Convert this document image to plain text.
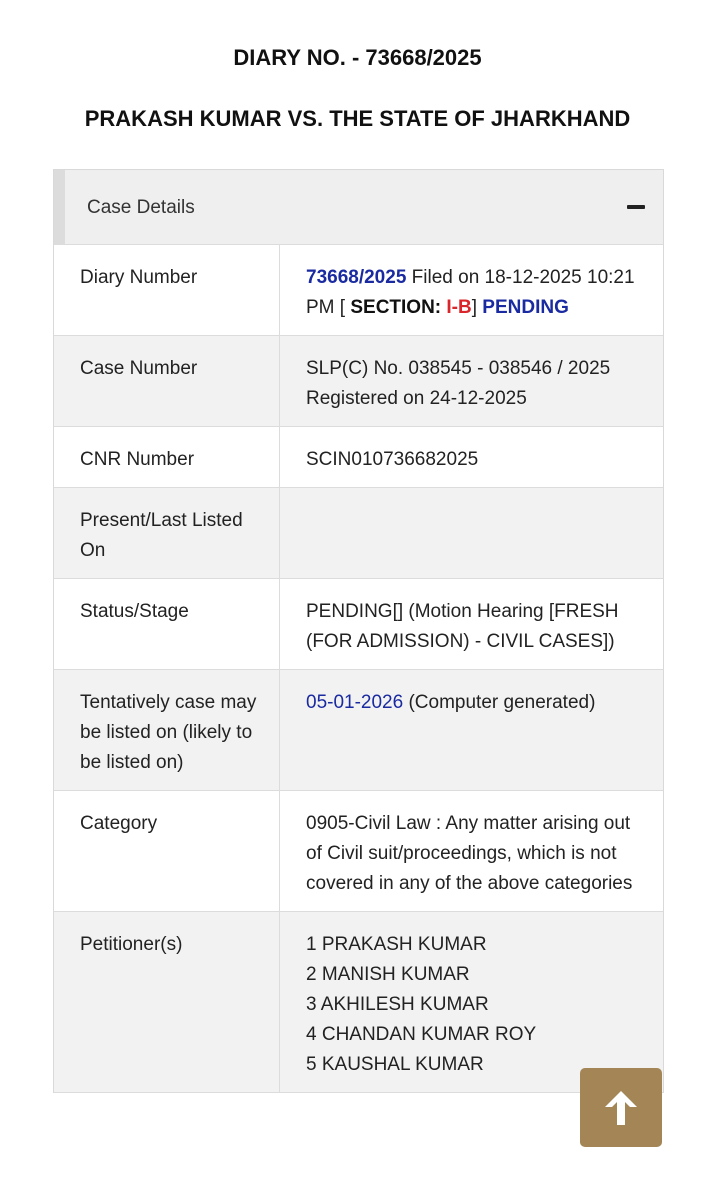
DIARY NO. - 73668/2025
PRAKASH KUMAR VS. THE STATE OF JHARKHAND
Case Details
Diary Number	73668/2025 Filed on 18-12-2025 10:21 PM [ SECTION: I-B] PENDING
Case Number	SLP(C) No. 038545 - 038546 / 2025 Registered on 24-12-2025
CNR Number	SCIN010736682025
Present/Last Listed On	
Status/Stage	PENDING[] (Motion Hearing [FRESH (FOR ADMISSION) - CIVIL CASES])
Tentatively case may be listed on (likely to be listed on)	05-01-2026 (Computer generated)
Category	0905-Civil Law : Any matter arising out of Civil suit/proceedings, which is not covered in any of the above categories
Petitioner(s)	1 PRAKASH KUMAR
2 MANISH KUMAR
3 AKHILESH KUMAR
4 CHANDAN KUMAR ROY
5 KAUSHAL KUMAR
